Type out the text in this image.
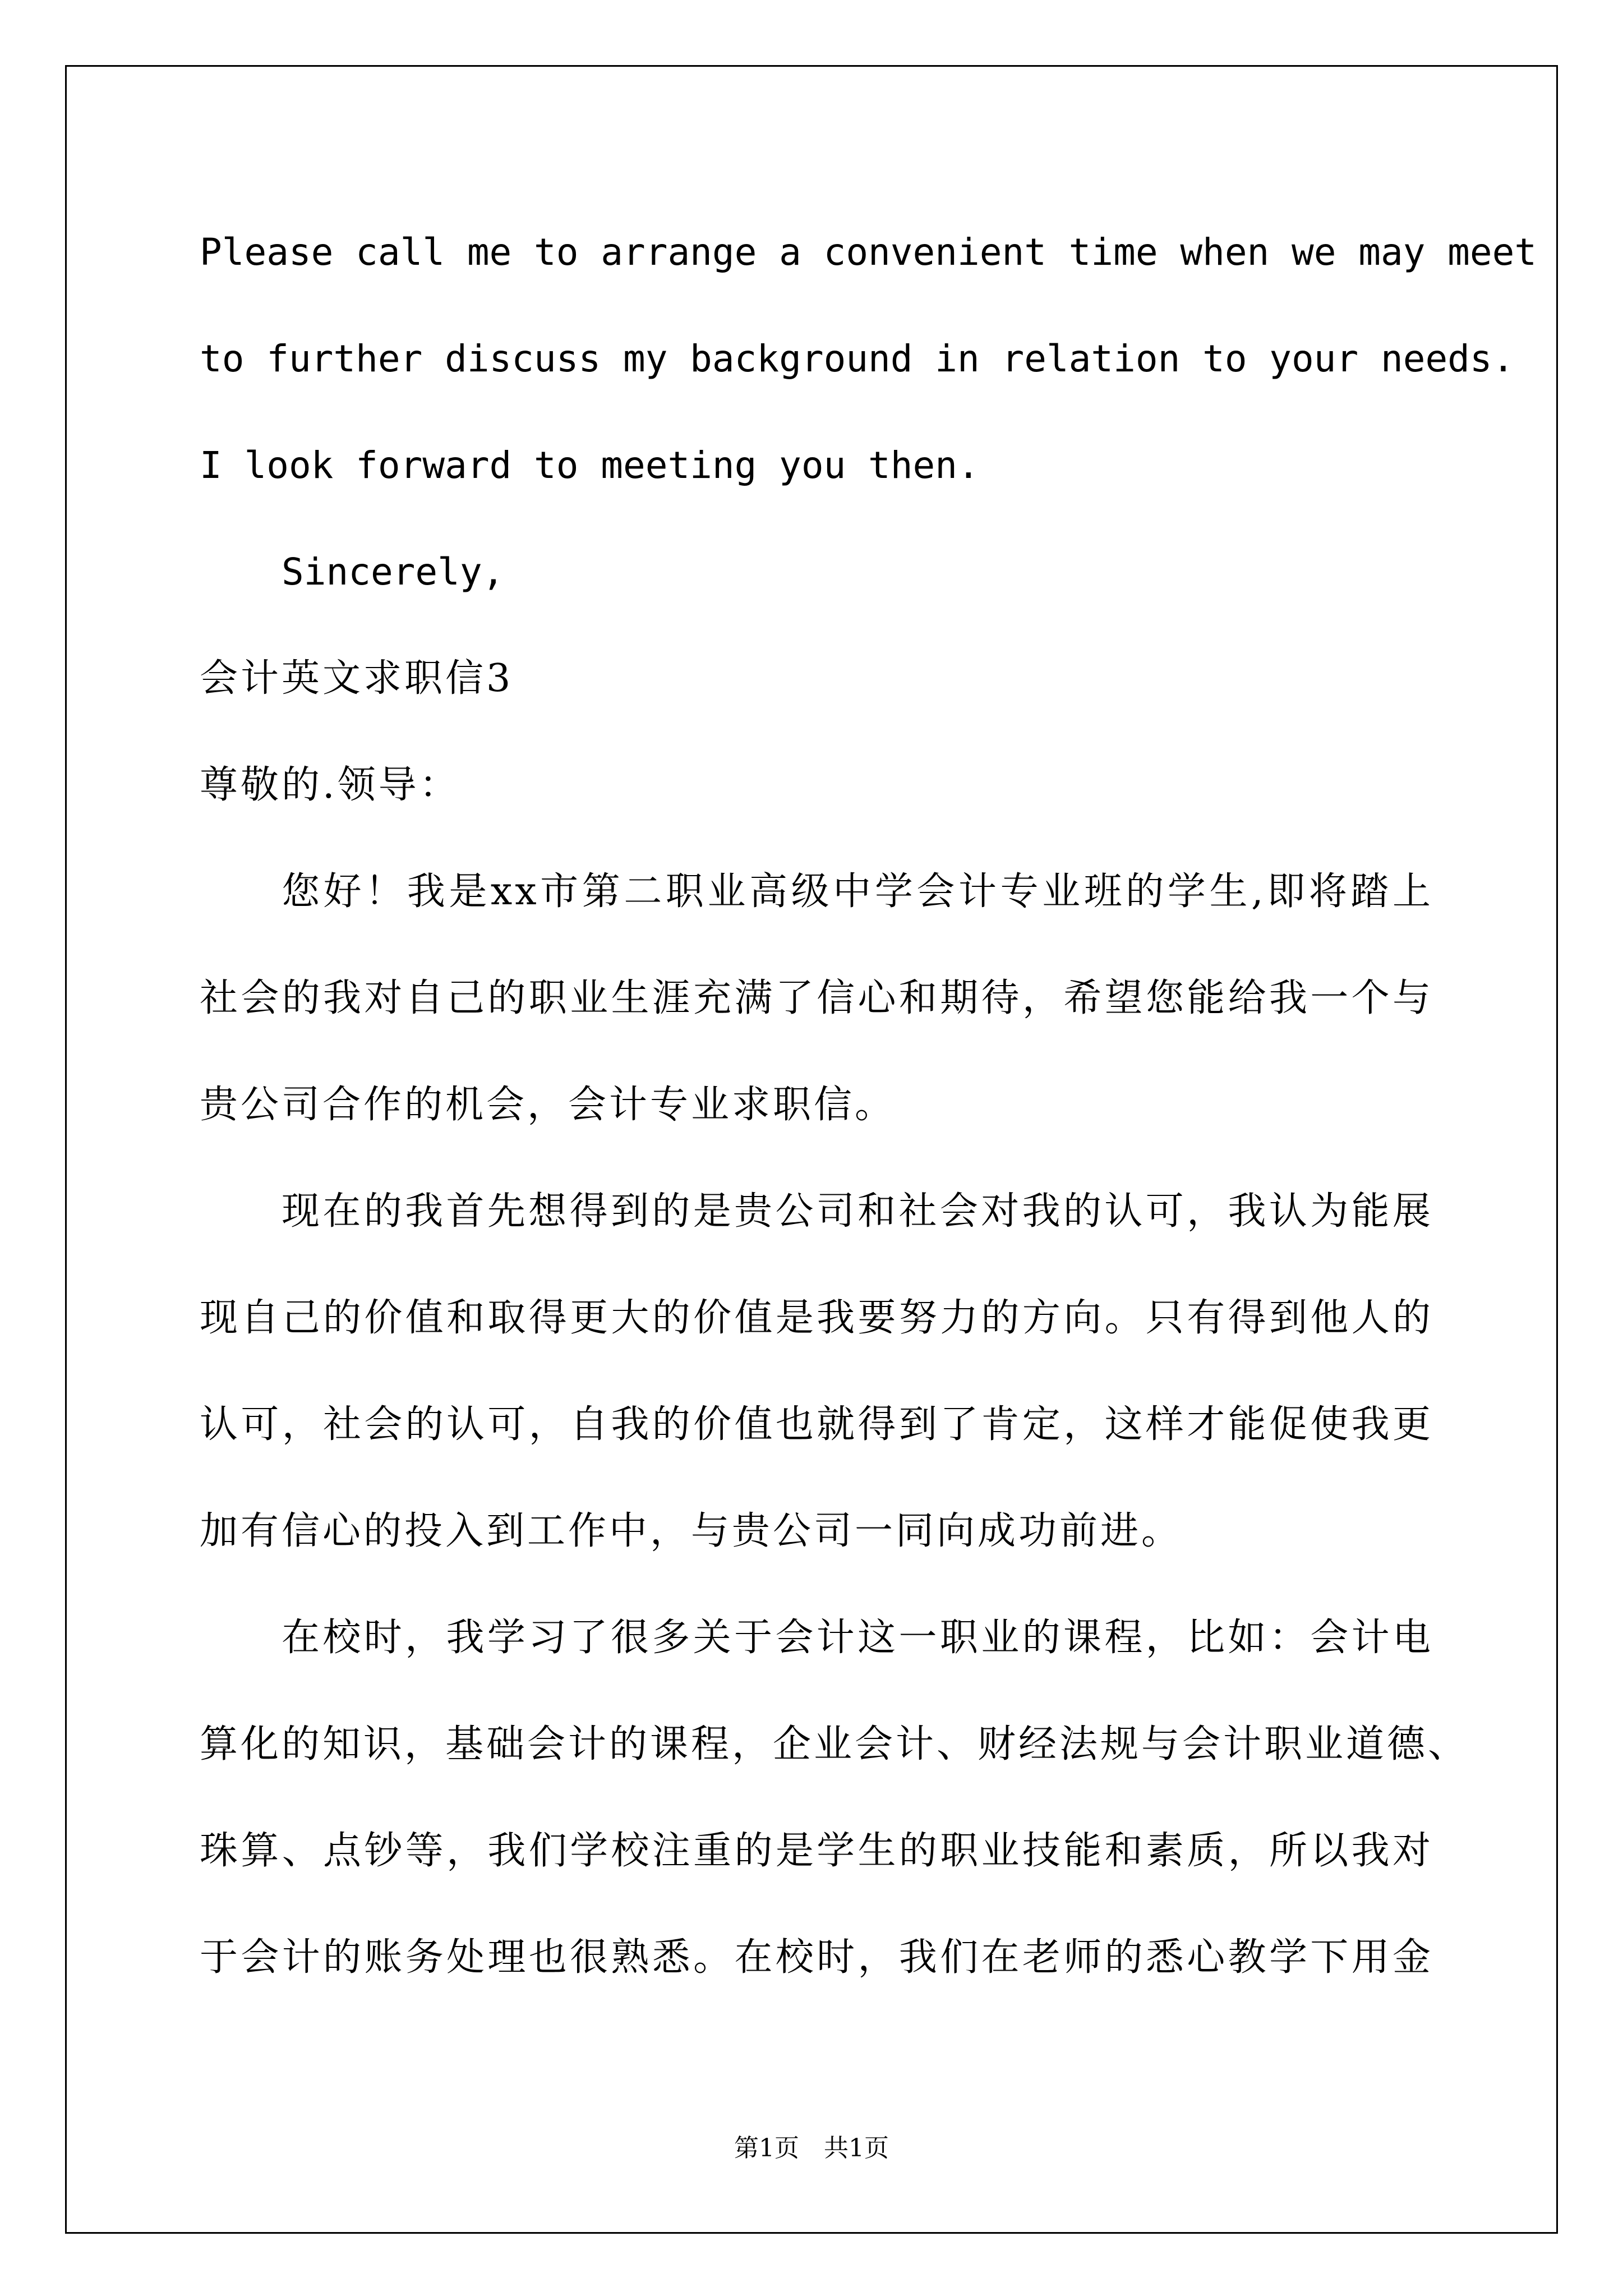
Please call me to arrange a convenient time when we may meet
to further discuss my background in relation to your needs.
I look forward to meeting you then.
Sincerely,
会计英文求职信3
尊敬的.领导：
您好！我是xx市第二职业高级中学会计专业班的学生,即将踏上
社会的我对自己的职业生涯充满了信心和期待，希望您能给我一个与
贵公司合作的机会，会计专业求职信。
现在的我首先想得到的是贵公司和社会对我的认可，我认为能展
现自己的价值和取得更大的价值是我要努力的方向。只有得到他人的
认可，社会的认可，自我的价值也就得到了肯定，这样才能促使我更
加有信心的投入到工作中，与贵公司一同向成功前进。
在校时，我学习了很多关于会计这一职业的课程，比如：会计电
算化的知识，基础会计的课程，企业会计、财经法规与会计职业道德、
珠算、点钞等，我们学校注重的是学生的职业技能和素质，所以我对
于会计的账务处理也很熟悉。在校时，我们在老师的悉心教学下用金
第1页　共1页
